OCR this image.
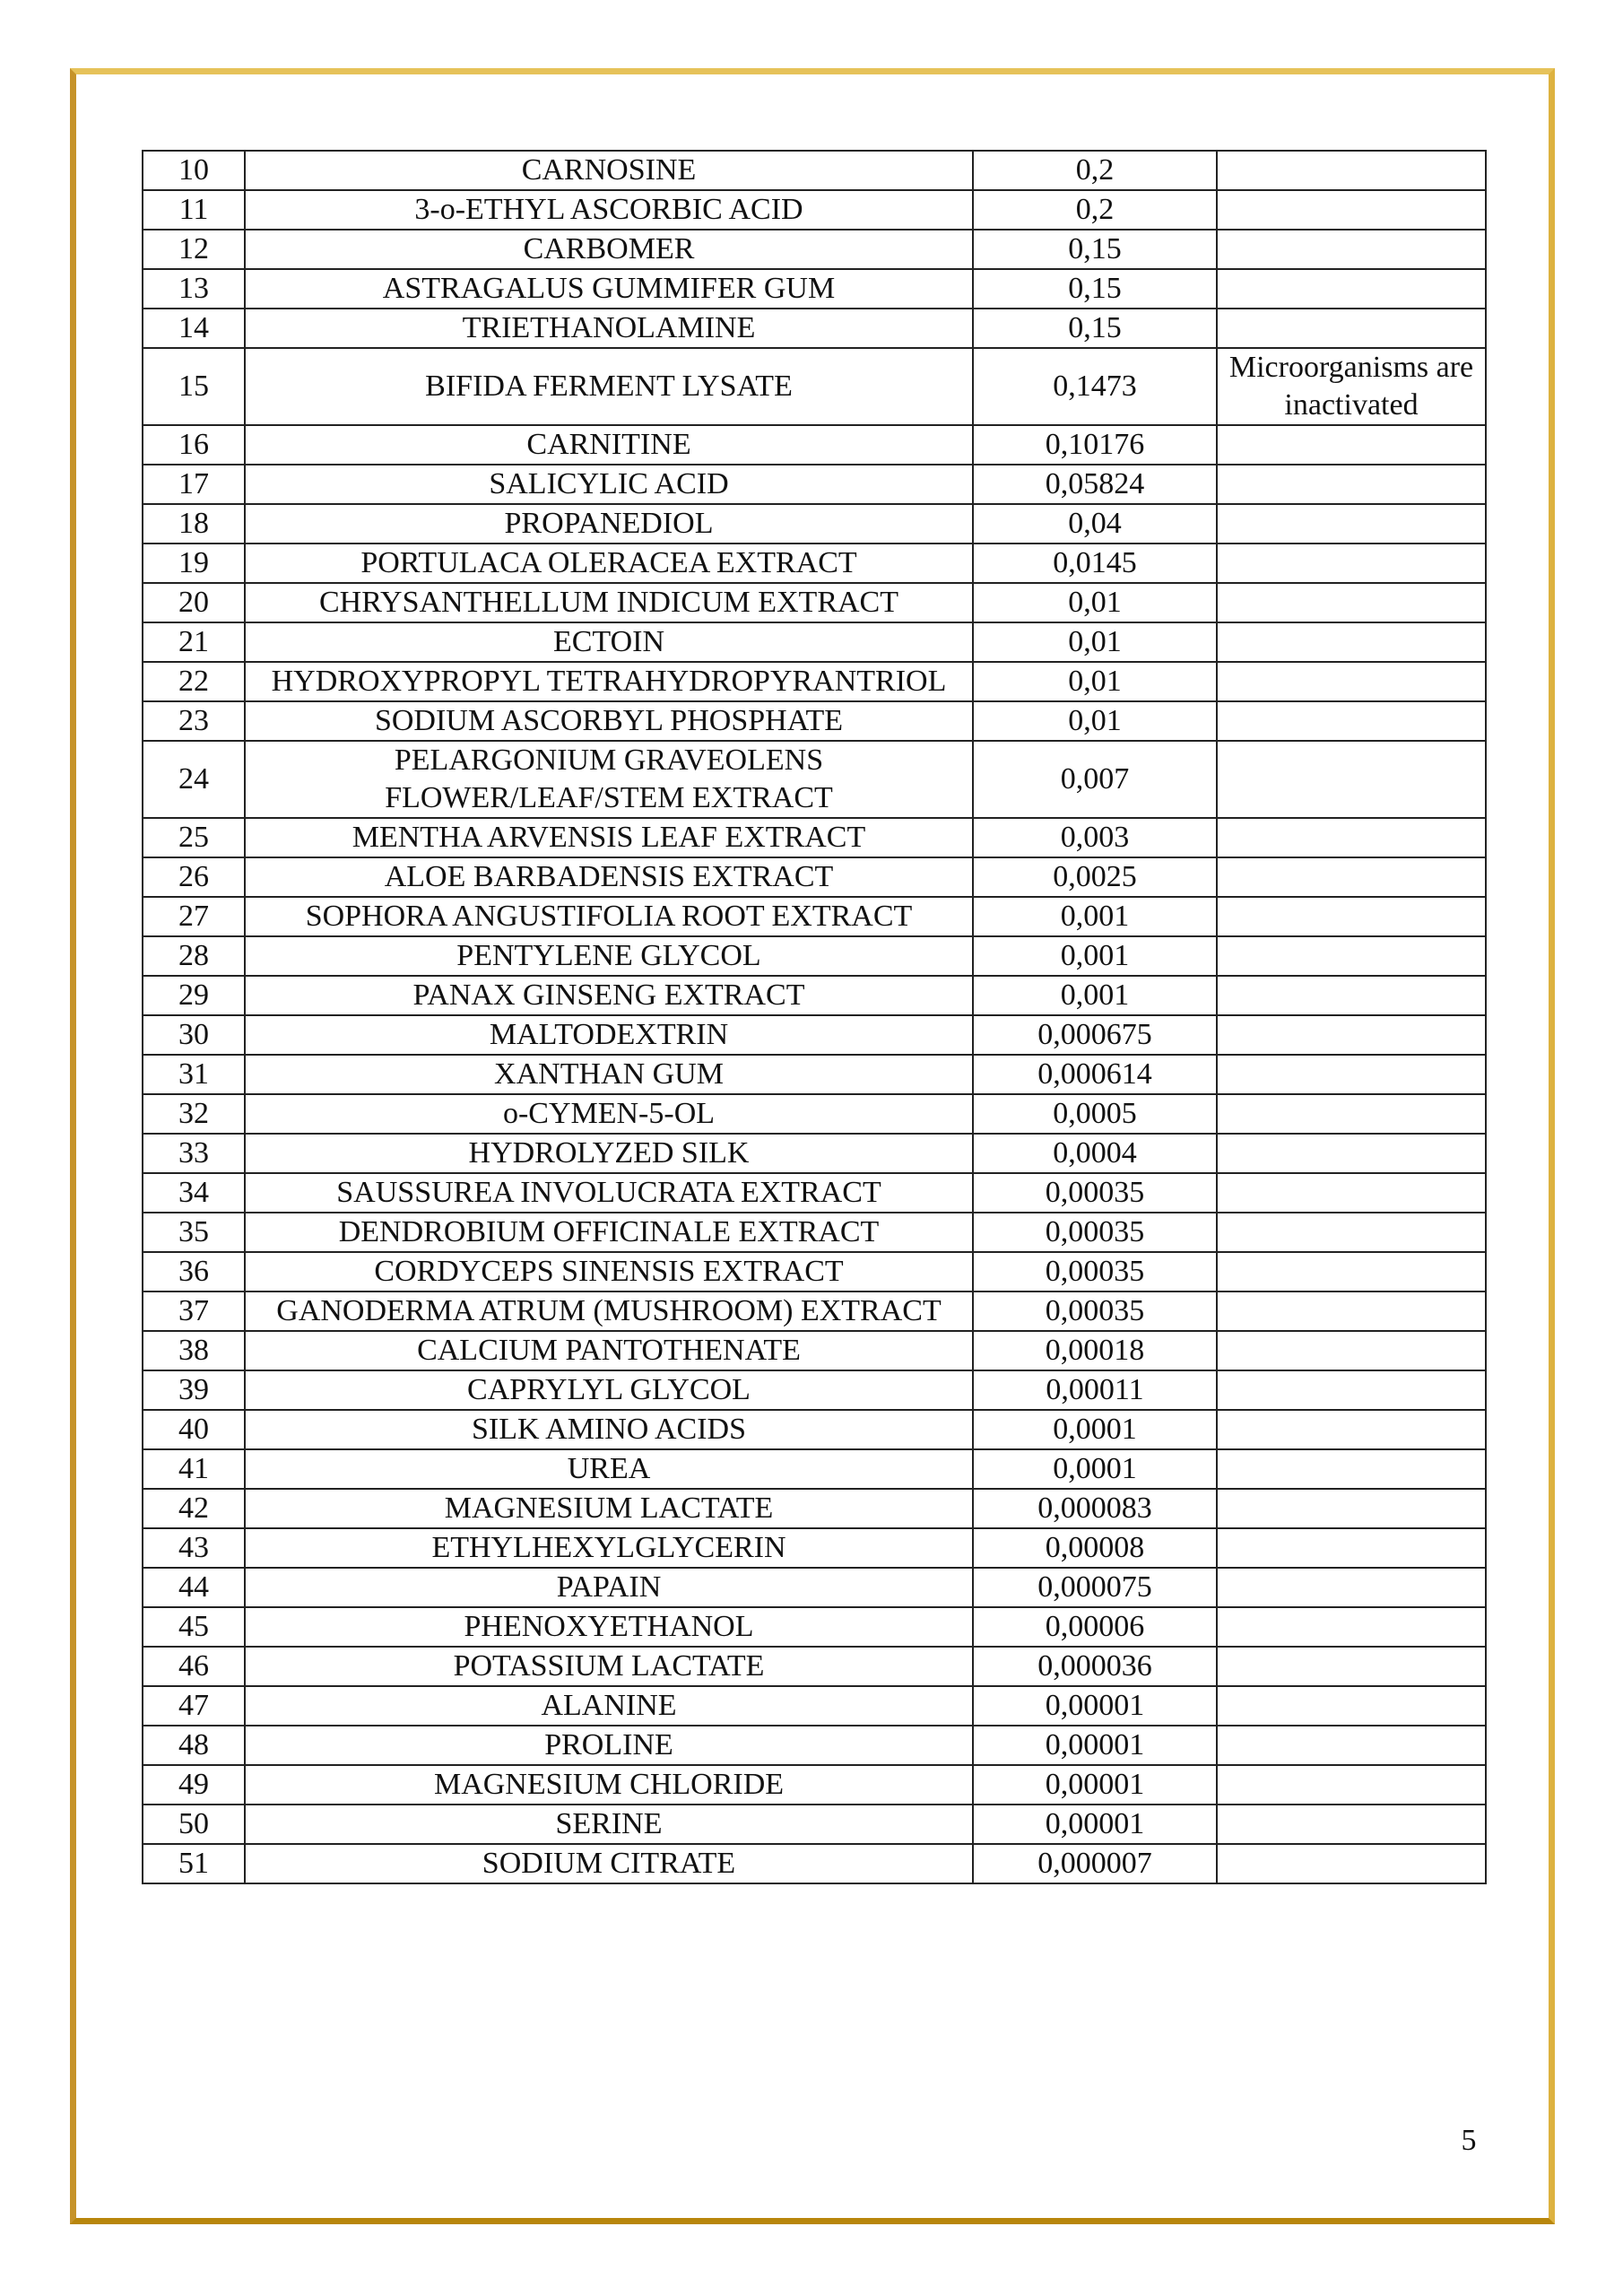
10	CARNOSINE	0,2	
11	3-o-ETHYL ASCORBIC ACID	0,2	
12	CARBOMER	0,15	
13	ASTRAGALUS GUMMIFER GUM	0,15	
14	TRIETHANOLAMINE	0,15	
15	BIFIDA FERMENT LYSATE	0,1473	Microorganisms are inactivated
16	CARNITINE	0,10176	
17	SALICYLIC ACID	0,05824	
18	PROPANEDIOL	0,04	
19	PORTULACA OLERACEA EXTRACT	0,0145	
20	CHRYSANTHELLUM INDICUM EXTRACT	0,01	
21	ECTOIN	0,01	
22	HYDROXYPROPYL TETRAHYDROPYRANTRIOL	0,01	
23	SODIUM ASCORBYL PHOSPHATE	0,01	
24	PELARGONIUM GRAVEOLENS FLOWER/LEAF/STEM EXTRACT	0,007	
25	MENTHA ARVENSIS LEAF EXTRACT	0,003	
26	ALOE BARBADENSIS EXTRACT	0,0025	
27	SOPHORA ANGUSTIFOLIA ROOT EXTRACT	0,001	
28	PENTYLENE GLYCOL	0,001	
29	PANAX GINSENG EXTRACT	0,001	
30	MALTODEXTRIN	0,000675	
31	XANTHAN GUM	0,000614	
32	o-CYMEN-5-OL	0,0005	
33	HYDROLYZED SILK	0,0004	
34	SAUSSUREA INVOLUCRATA EXTRACT	0,00035	
35	DENDROBIUM OFFICINALE EXTRACT	0,00035	
36	CORDYCEPS SINENSIS EXTRACT	0,00035	
37	GANODERMA ATRUM (MUSHROOM) EXTRACT	0,00035	
38	CALCIUM PANTOTHENATE	0,00018	
39	CAPRYLYL GLYCOL	0,00011	
40	SILK AMINO ACIDS	0,0001	
41	UREA	0,0001	
42	MAGNESIUM LACTATE	0,000083	
43	ETHYLHEXYLGLYCERIN	0,00008	
44	PAPAIN	0,000075	
45	PHENOXYETHANOL	0,00006	
46	POTASSIUM LACTATE	0,000036	
47	ALANINE	0,00001	
48	PROLINE	0,00001	
49	MAGNESIUM CHLORIDE	0,00001	
50	SERINE	0,00001	
51	SODIUM CITRATE	0,000007	
5
